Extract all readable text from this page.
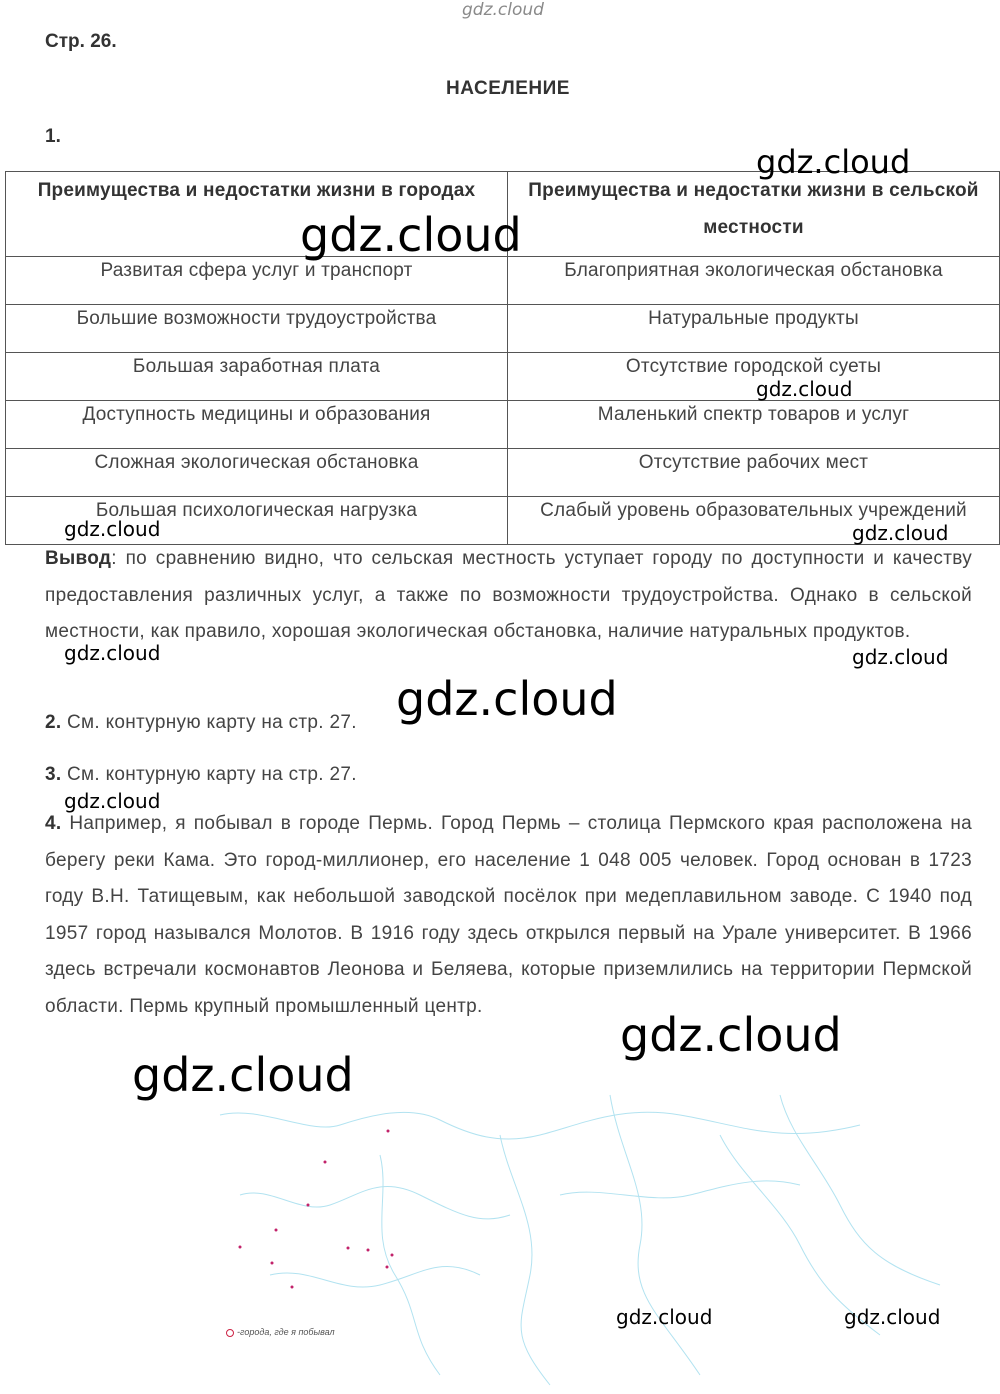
gdz.cloud
Стр. 26.
НАСЕЛЕНИЕ
1.
Преимущества и недостатки жизни в городах	Преимущества и недостатки жизни в сельской местности
Развитая сфера услуг и транспорт	Благоприятная экологическая обстановка
Большие возможности трудоустройства	Натуральные продукты
Большая заработная плата	Отсутствие городской суеты
Доступность медицины и образования	Маленький спектр товаров и услуг
Сложная экологическая обстановка	Отсутствие рабочих мест
Большая психологическая нагрузка	Слабый уровень образовательных учреждений
Вывод: по сравнению видно, что сельская местность уступает городу по доступности и качеству предоставления различных услуг, а также по возможности трудоустройства. Однако в сельской местности, как правило, хорошая экологическая обстановка, наличие натуральных продуктов.
2. См. контурную карту на стр. 27.
3. См. контурную карту на стр. 27.
4. Например, я побывал в городе Пермь. Город Пермь – столица Пермского края расположена на берегу реки Кама. Это город-миллионер, его население 1 048 005 человек. Город основан в 1723 году В.Н. Татищевым, как небольшой заводской посёлок при медеплавильном заводе. С 1940 под 1957 город назывался Молотов. В 1916 году здесь открылся первый на Урале университет. В 1966 здесь встречали космонавтов Леонова и Беляева, которые приземлились на территории Пермской области. Пермь крупный промышленный центр.
-города, где я побывал
gdz.cloud
gdz.cloud
gdz.cloud
gdz.cloud	gdz.cloud
gdz.cloud	gdz.cloud
gdz.cloud
gdz.cloud
gdz.cloud
gdz.cloud
gdz.cloud	gdz.cloud
